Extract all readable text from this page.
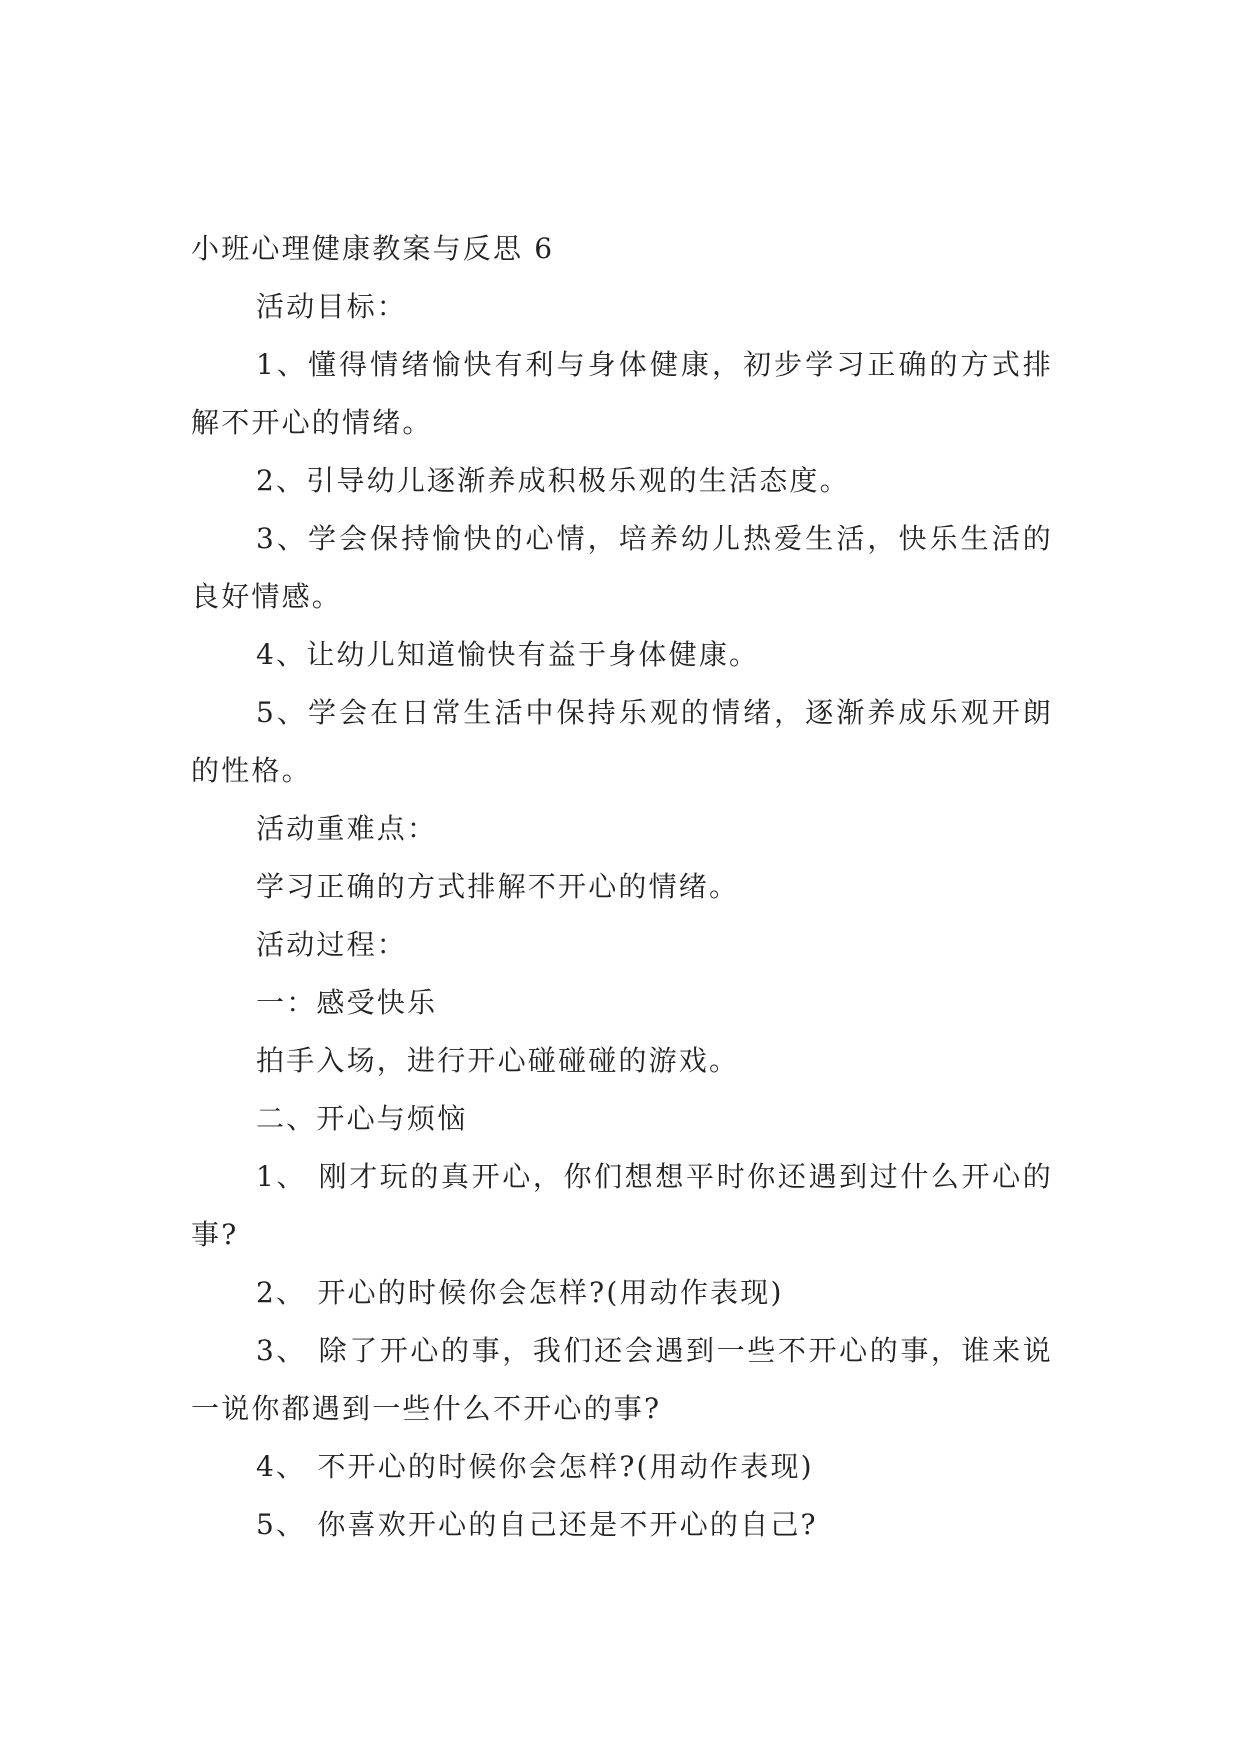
小班心理健康教案与反思 6
活动目标：
1、懂得情绪愉快有利与身体健康，初步学习正确的方式排解不开心的情绪。
2、引导幼儿逐渐养成积极乐观的生活态度。
3、学会保持愉快的心情，培养幼儿热爱生活，快乐生活的良好情感。
4、让幼儿知道愉快有益于身体健康。
5、学会在日常生活中保持乐观的情绪，逐渐养成乐观开朗的性格。
活动重难点：
学习正确的方式排解不开心的情绪。
活动过程：
一：感受快乐
拍手入场，进行开心碰碰碰的游戏。
二、开心与烦恼
1、 刚才玩的真开心，你们想想平时你还遇到过什么开心的事?
2、 开心的时候你会怎样?(用动作表现)
3、 除了开心的事，我们还会遇到一些不开心的事，谁来说一说你都遇到一些什么不开心的事?
4、 不开心的时候你会怎样?(用动作表现)
5、 你喜欢开心的自己还是不开心的自己?
